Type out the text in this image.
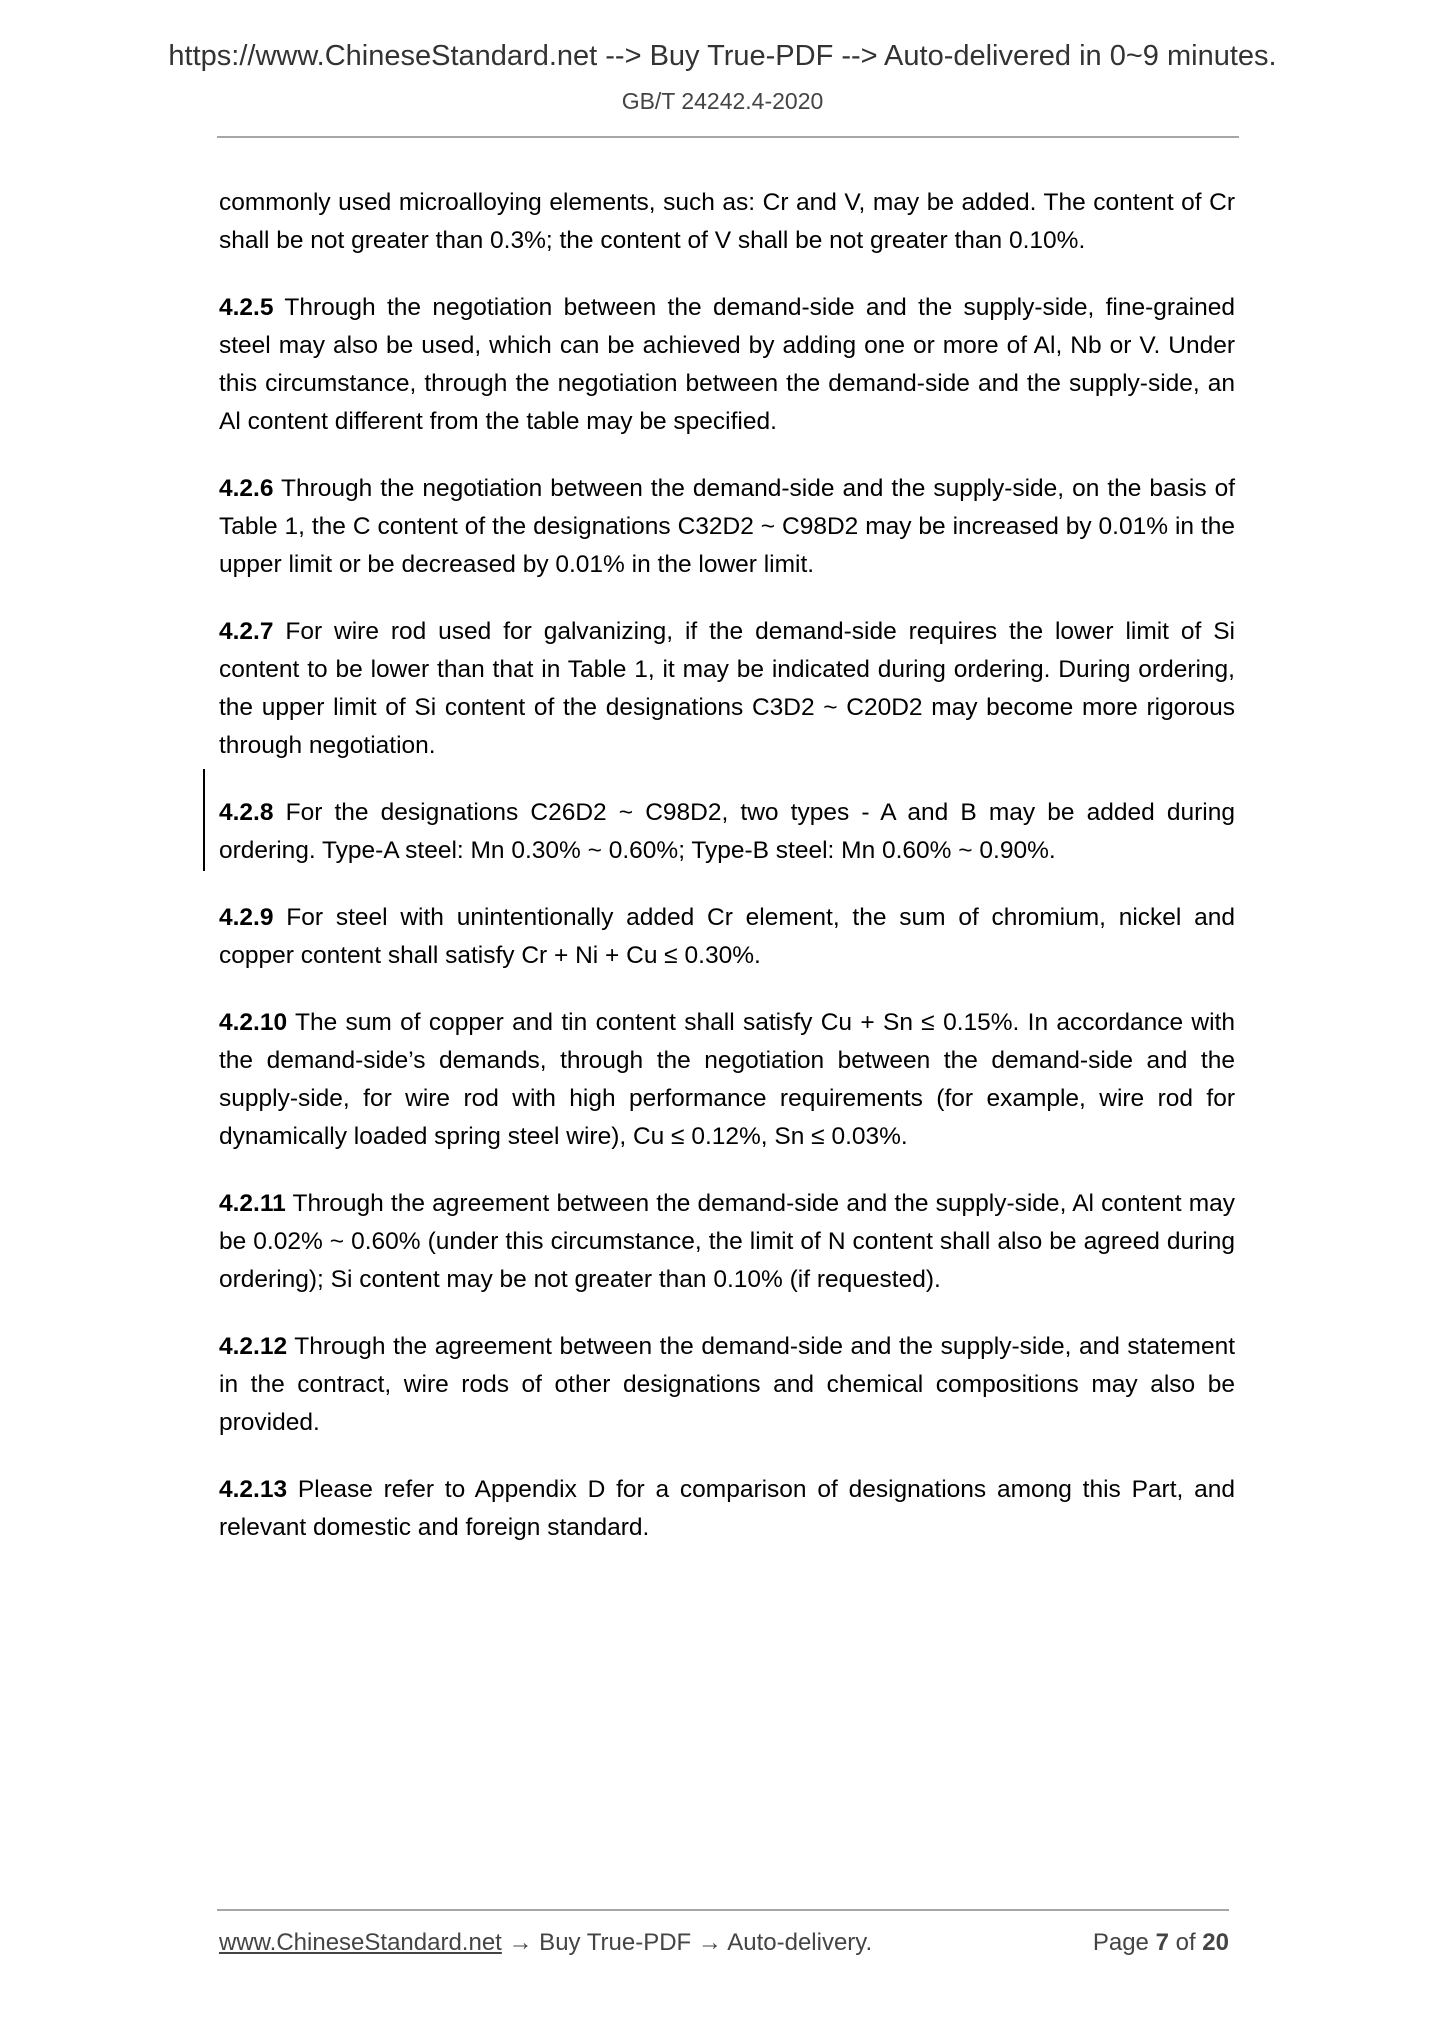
https://www.ChineseStandard.net --> Buy True-PDF --> Auto-delivered in 0~9 minutes.
GB/T 24242.4-2020

commonly used microalloying elements, such as: Cr and V, may be added. The content of Cr shall be not greater than 0.3%; the content of V shall be not greater than 0.10%.

4.2.5 Through the negotiation between the demand-side and the supply-side, fine-grained steel may also be used, which can be achieved by adding one or more of Al, Nb or V. Under this circumstance, through the negotiation between the demand-side and the supply-side, an Al content different from the table may be specified.

4.2.6 Through the negotiation between the demand-side and the supply-side, on the basis of Table 1, the C content of the designations C32D2 ~ C98D2 may be increased by 0.01% in the upper limit or be decreased by 0.01% in the lower limit.

4.2.7 For wire rod used for galvanizing, if the demand-side requires the lower limit of Si content to be lower than that in Table 1, it may be indicated during ordering. During ordering, the upper limit of Si content of the designations C3D2 ~ C20D2 may become more rigorous through negotiation.

4.2.8 For the designations C26D2 ~ C98D2, two types - A and B may be added during ordering. Type-A steel: Mn 0.30% ~ 0.60%; Type-B steel: Mn 0.60% ~ 0.90%.

4.2.9 For steel with unintentionally added Cr element, the sum of chromium, nickel and copper content shall satisfy Cr + Ni + Cu ≤ 0.30%.

4.2.10 The sum of copper and tin content shall satisfy Cu + Sn ≤ 0.15%. In accordance with the demand-side’s demands, through the negotiation between the demand-side and the supply-side, for wire rod with high performance requirements (for example, wire rod for dynamically loaded spring steel wire), Cu ≤ 0.12%, Sn ≤ 0.03%.

4.2.11 Through the agreement between the demand-side and the supply-side, Al content may be 0.02% ~ 0.60% (under this circumstance, the limit of N content shall also be agreed during ordering); Si content may be not greater than 0.10% (if requested).

4.2.12 Through the agreement between the demand-side and the supply-side, and statement in the contract, wire rods of other designations and chemical compositions may also be provided.

4.2.13 Please refer to Appendix D for a comparison of designations among this Part, and relevant domestic and foreign standard.

www.ChineseStandard.net → Buy True-PDF → Auto-delivery.	Page 7 of 20
